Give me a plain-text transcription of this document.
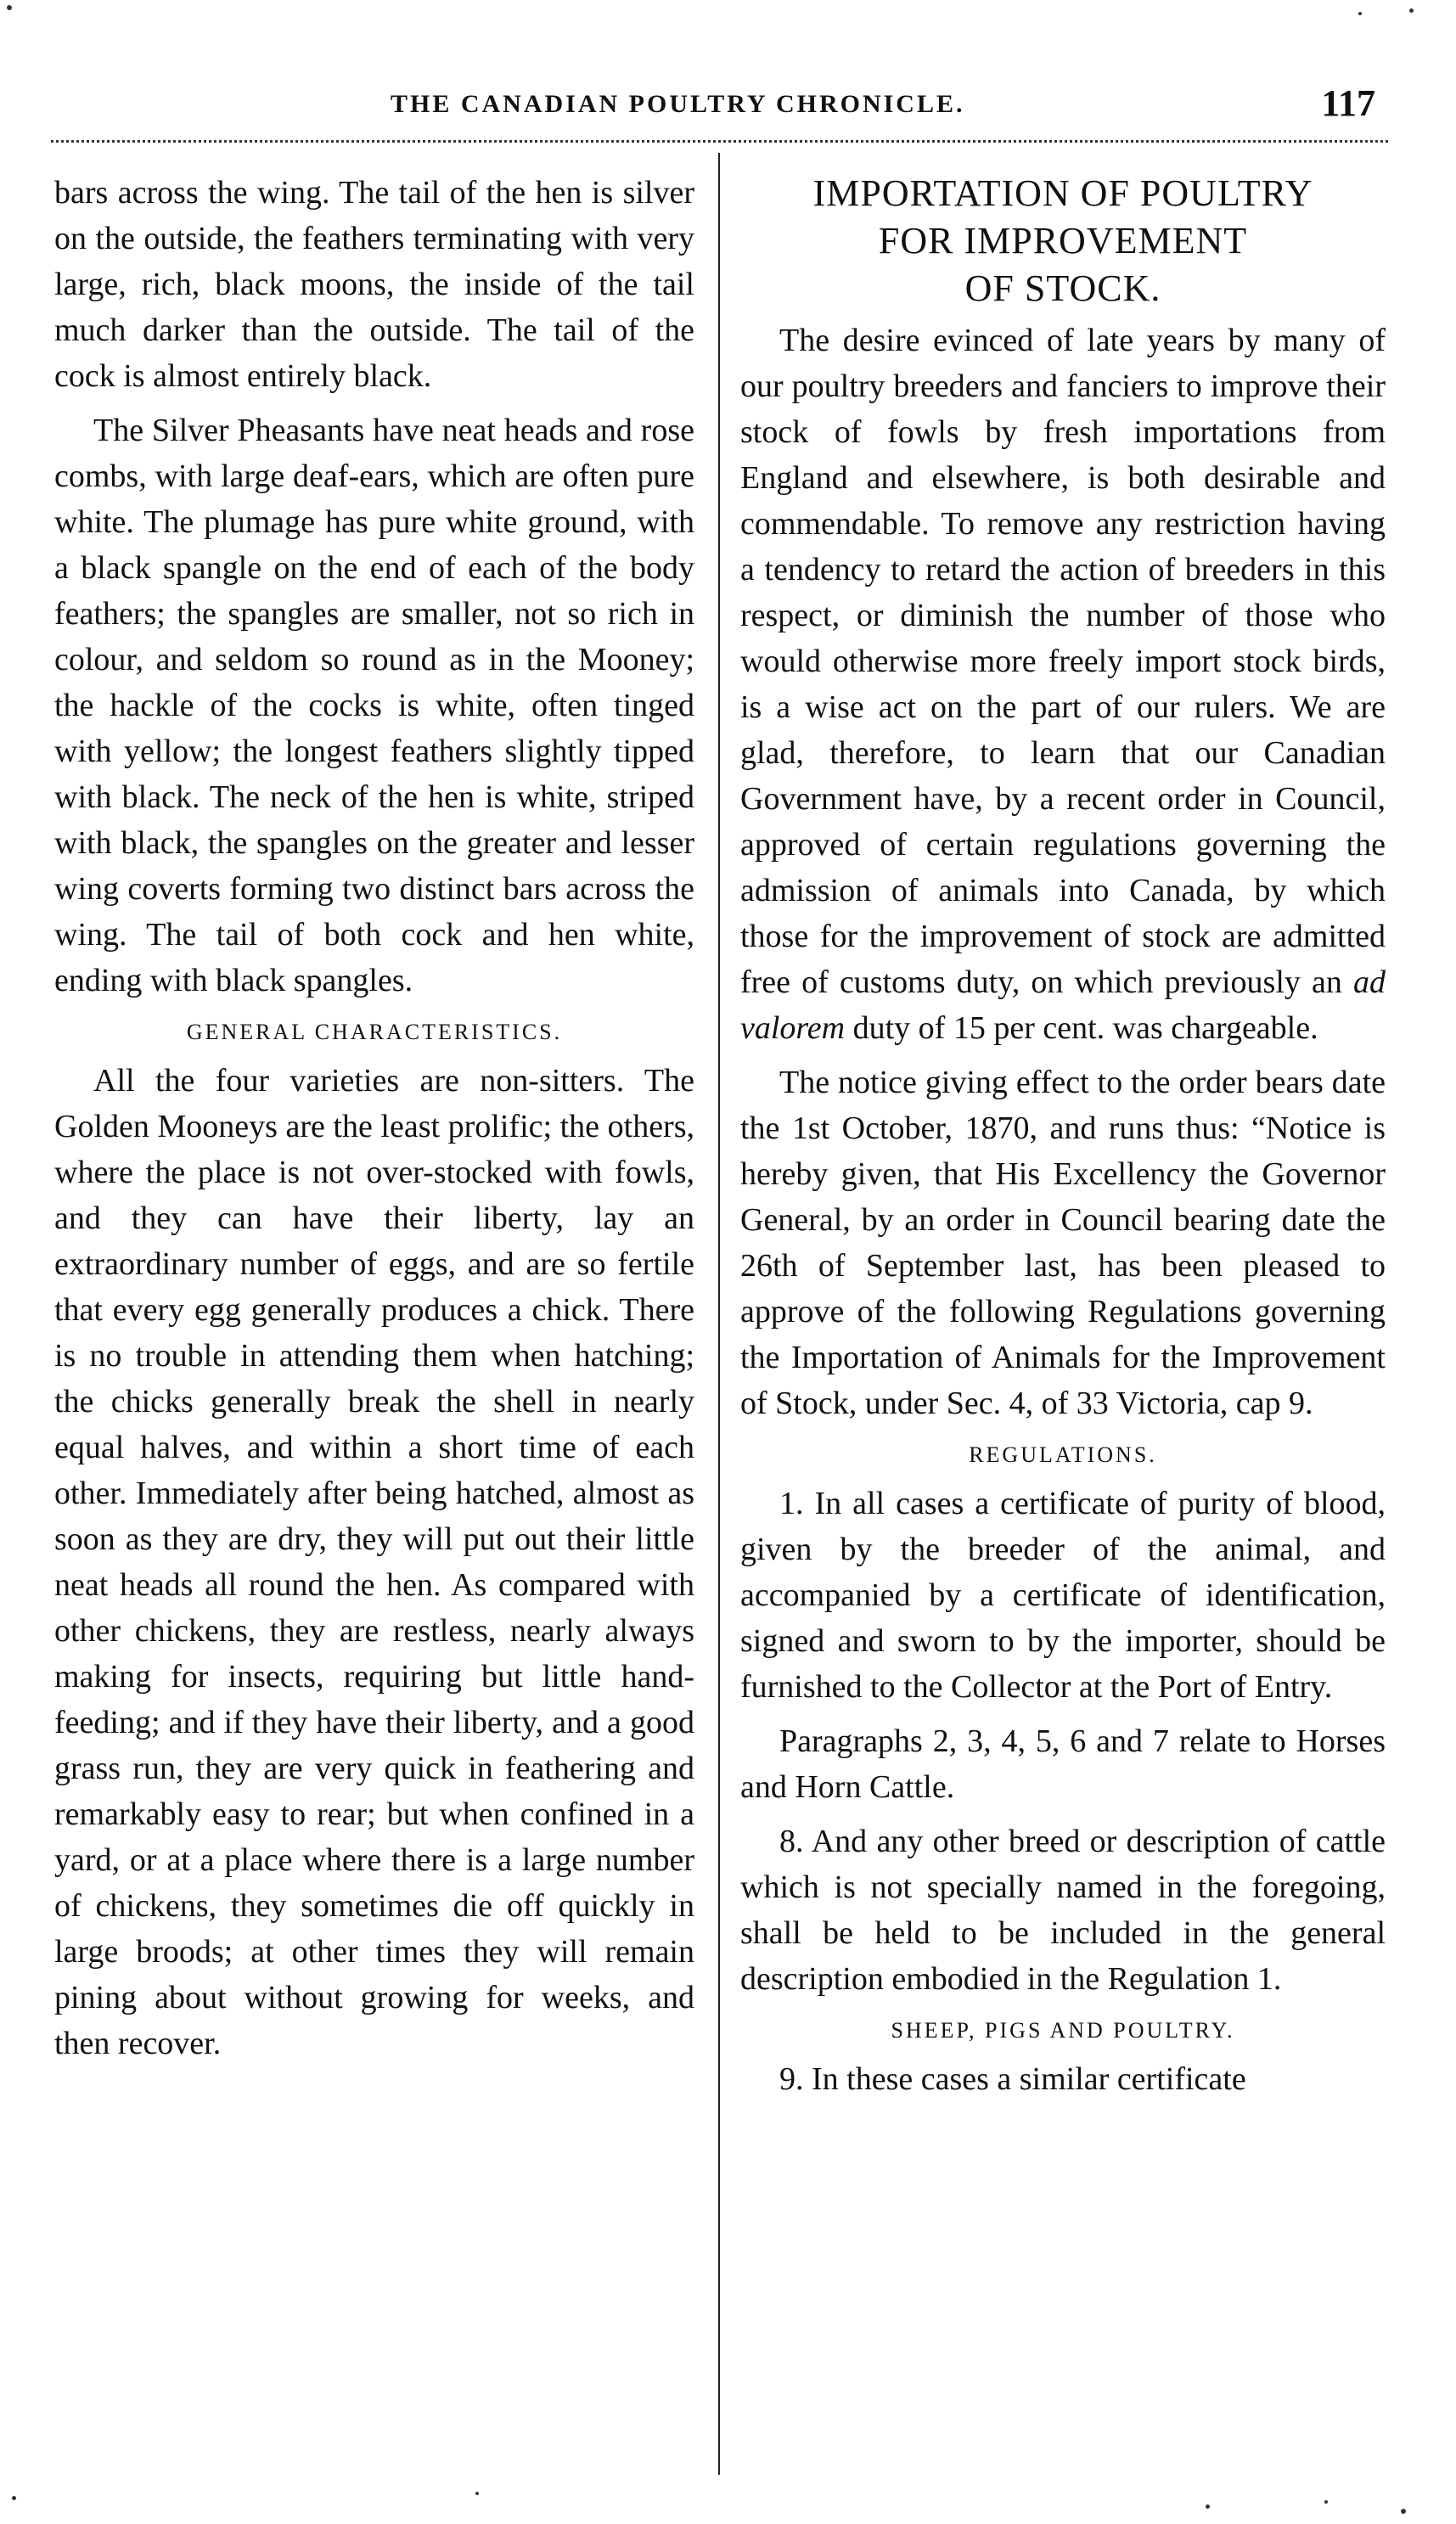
THE CANADIAN POULTRY CHRONICLE.	117

bars across the wing. The tail of the hen is silver on the outside, the feathers terminating with very large, rich, black moons, the inside of the tail much darker than the outside. The tail of the cock is almost entirely black.

The Silver Pheasants have neat heads and rose combs, with large deaf-ears, which are often pure white. The plumage has pure white ground, with a black spangle on the end of each of the body feathers; the spangles are smaller, not so rich in colour, and seldom so round as in the Mooney; the hackle of the cocks is white, often tinged with yellow; the longest feathers slightly tipped with black. The neck of the hen is white, striped with black, the spangles on the greater and lesser wing coverts forming two distinct bars across the wing. The tail of both cock and hen white, ending with black spangles.

GENERAL CHARACTERISTICS.

All the four varieties are non-sitters. The Golden Mooneys are the least prolific; the others, where the place is not over-stocked with fowls, and they can have their liberty, lay an extraordinary number of eggs, and are so fertile that every egg generally produces a chick. There is no trouble in attending them when hatching; the chicks generally break the shell in nearly equal halves, and within a short time of each other. Immediately after being hatched, almost as soon as they are dry, they will put out their little neat heads all round the hen. As compared with other chickens, they are restless, nearly always making for insects, requiring but little hand-feeding; and if they have their liberty, and a good grass run, they are very quick in feathering and remarkably easy to rear; but when confined in a yard, or at a place where there is a large number of chickens, they sometimes die off quickly in large broods; at other times they will remain pining about without growing for weeks, and then recover.

IMPORTATION OF POULTRY
FOR IMPROVEMENT
OF STOCK.

The desire evinced of late years by many of our poultry breeders and fanciers to improve their stock of fowls by fresh importations from England and elsewhere, is both desirable and commendable. To remove any restriction having a tendency to retard the action of breeders in this respect, or diminish the number of those who would otherwise more freely import stock birds, is a wise act on the part of our rulers. We are glad, therefore, to learn that our Canadian Government have, by a recent order in Council, approved of certain regulations governing the admission of animals into Canada, by which those for the improvement of stock are admitted free of customs duty, on which previously an ad valorem duty of 15 per cent. was chargeable.

The notice giving effect to the order bears date the 1st October, 1870, and runs thus: “Notice is hereby given, that His Excellency the Governor General, by an order in Council bearing date the 26th of September last, has been pleased to approve of the following Regulations governing the Importation of Animals for the Improvement of Stock, under Sec. 4, of 33 Victoria, cap 9.

REGULATIONS.

1. In all cases a certificate of purity of blood, given by the breeder of the animal, and accompanied by a certificate of identification, signed and sworn to by the importer, should be furnished to the Collector at the Port of Entry.

Paragraphs 2, 3, 4, 5, 6 and 7 relate to Horses and Horn Cattle.

8. And any other breed or description of cattle which is not specially named in the foregoing, shall be held to be included in the general description embodied in the Regulation 1.

SHEEP, PIGS AND POULTRY.

9. In these cases a similar certificate
